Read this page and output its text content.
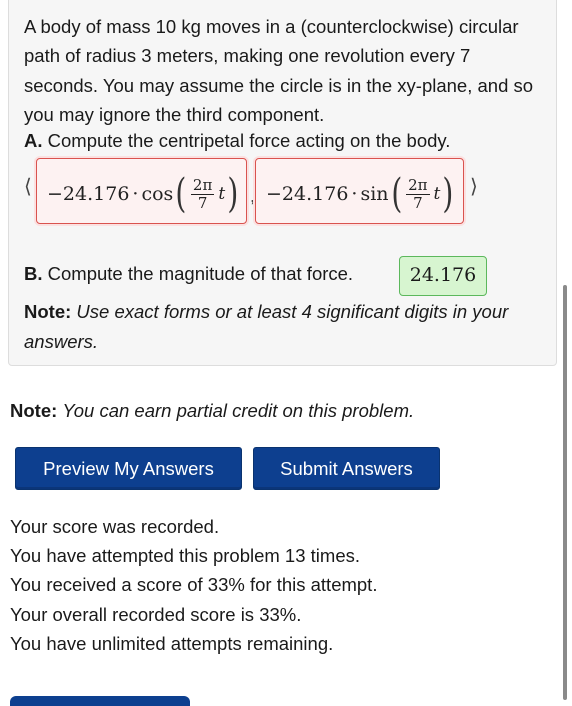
A body of mass 10 kg moves in a (counterclockwise) circular path of radius 3 meters, making one revolution every 7 seconds. You may assume the circle is in the xy-plane, and so you may ignore the third component.

A. Compute the centripetal force acting on the body.
⟨ −24.176 · cos ( $\frac{2\pi}{7}$ t ) , −24.176 · sin ( $\frac{2\pi}{7}$ t ) ⟩
B. Compute the magnitude of that force.	24.176
Note: Use exact forms or at least 4 significant digits in your answers.
Note: You can earn partial credit on this problem.
Preview My Answers	Submit Answers
Your score was recorded.
You have attempted this problem 13 times.
You received a score of 33% for this attempt.
Your overall recorded score is 33%.
You have unlimited attempts remaining.
